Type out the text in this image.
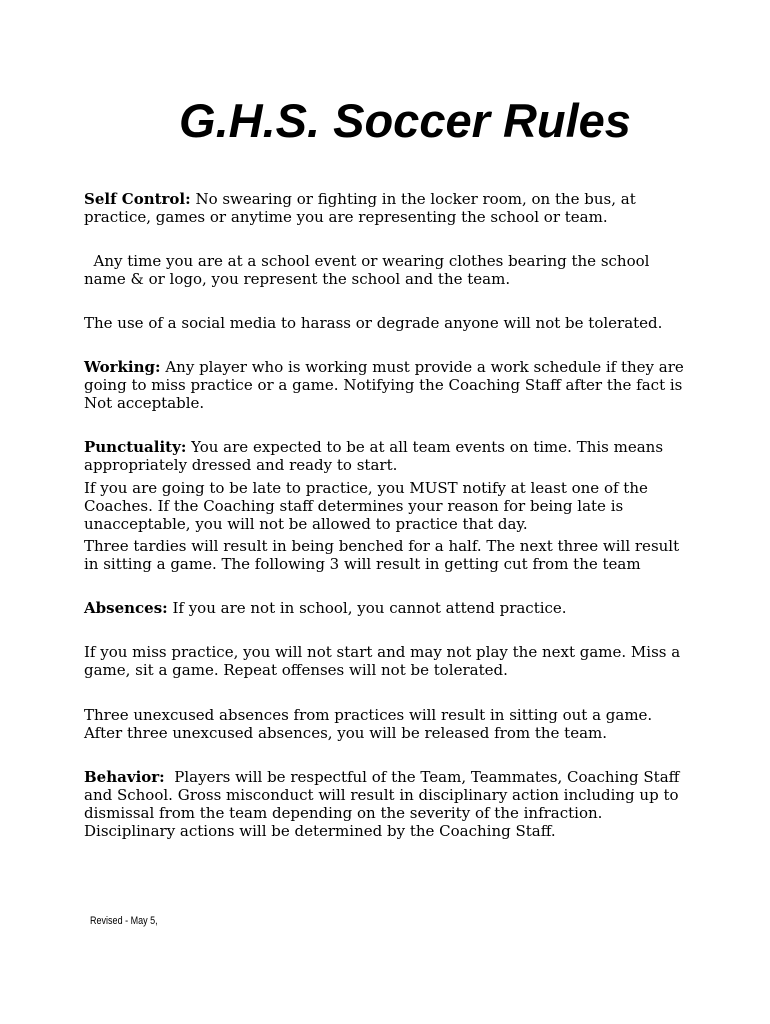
G.H.S. Soccer Rules

Self Control: No swearing or fighting in the locker room, on the bus, at practice, games or anytime you are representing the school or team.

Any time you are at a school event or wearing clothes bearing the school name & or logo, you represent the school and the team.

The use of a social media to harass or degrade anyone will not be tolerated.

Working: Any player who is working must provide a work schedule if they are going to miss practice or a game. Notifying the Coaching Staff after the fact is Not acceptable.

Punctuality: You are expected to be at all team events on time. This means appropriately dressed and ready to start.

If you are going to be late to practice, you MUST notify at least one of the Coaches. If the Coaching staff determines your reason for being late is unacceptable, you will not be allowed to practice that day.

Three tardies will result in being benched for a half. The next three will result in sitting a game. The following 3 will result in getting cut from the team

Absences: If you are not in school, you cannot attend practice.

If you miss practice, you will not start and may not play the next game. Miss a game, sit a game. Repeat offenses will not be tolerated.

Three unexcused absences from practices will result in sitting out a game. After three unexcused absences, you will be released from the team.

Behavior:  Players will be respectful of the Team, Teammates, Coaching Staff and School. Gross misconduct will result in disciplinary action including up to dismissal from the team depending on the severity of the infraction. Disciplinary actions will be determined by the Coaching Staff.

Revised - May 5,
